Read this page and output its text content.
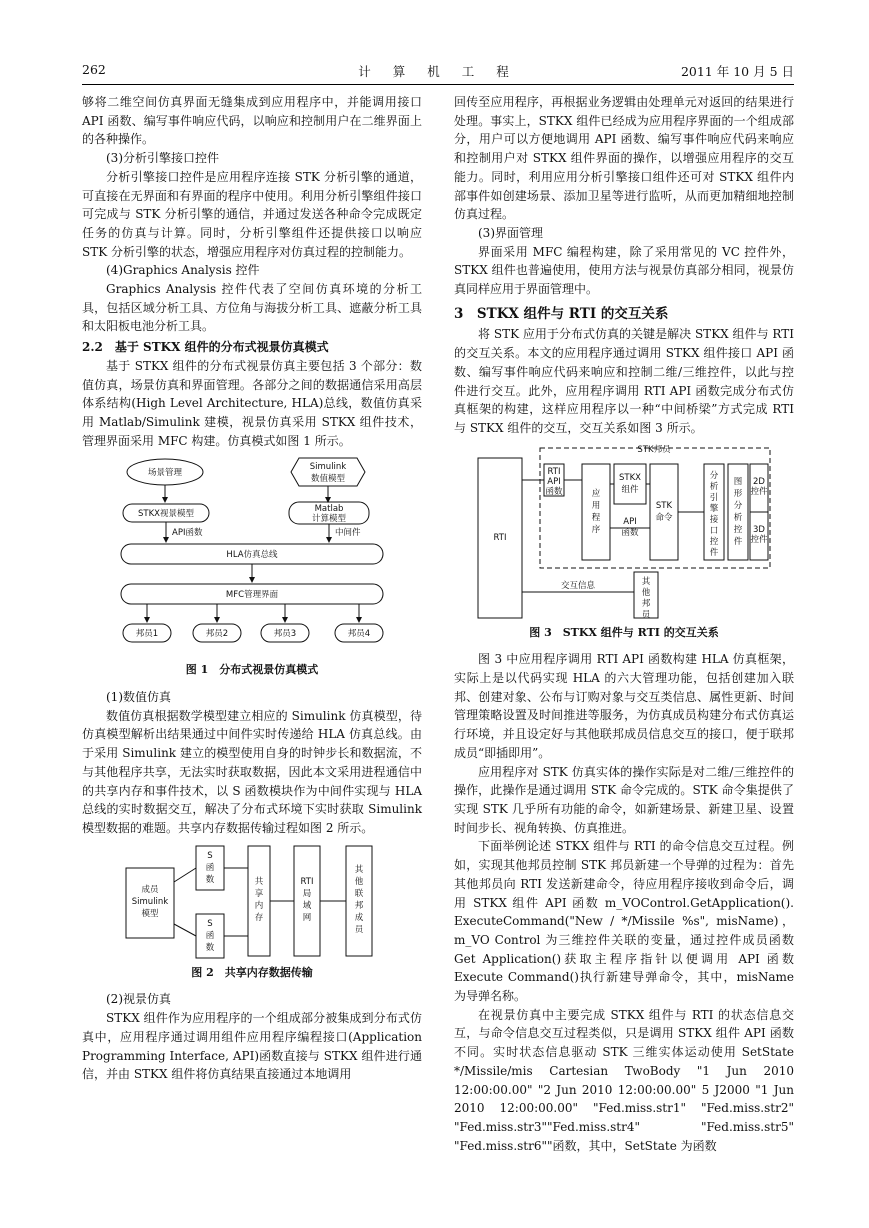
262	计 算 机 工 程	2011 年 10 月 5 日

够将二维空间仿真界面无缝集成到应用程序中，并能调用接口 API 函数、编写事件响应代码，以响应和控制用户在二维界面上的各种操作。

(3)分析引擎接口控件

分析引擎接口控件是应用程序连接 STK 分析引擎的通道，可直接在无界面和有界面的程序中使用。利用分析引擎组件接口可完成与 STK 分析引擎的通信，并通过发送各种命令完成既定任务的仿真与计算。同时，分析引擎组件还提供接口以响应 STK 分析引擎的状态，增强应用程序对仿真过程的控制能力。

(4)Graphics Analysis 控件

Graphics Analysis 控件代表了空间仿真环境的分析工具，包括区域分析工具、方位角与海拔分析工具、遮蔽分析工具和太阳板电池分析工具。

2.2　基于 STKX 组件的分布式视景仿真模式

基于 STKX 组件的分布式视景仿真主要包括 3 个部分：数值仿真，场景仿真和界面管理。各部分之间的数据通信采用高层体系结构(High Level Architecture, HLA)总线，数值仿真采用 Matlab/Simulink 建模，视景仿真采用 STKX 组件技术，管理界面采用 MFC 构建。仿真模式如图 1 所示。

场景管理
Simulink
数值模型
STKX视景模型	Matlab
计算模型
API函数	中间件
HLA仿真总线
MFC管理界面
邦员1	邦员2	邦员3	邦员4

图 1　分布式视景仿真模式

(1)数值仿真

数值仿真根据数学模型建立相应的 Simulink 仿真模型，待仿真模型解析出结果通过中间件实时传递给 HLA 仿真总线。由于采用 Simulink 建立的模型使用自身的时钟步长和数据流，不与其他程序共享，无法实时获取数据，因此本文采用进程通信中的共享内存和事件技术，以 S 函数模块作为中间件实现与 HLA 总线的实时数据交互，解决了分布式环境下实时获取 Simulink 模型数据的难题。共享内存数据传输过程如图 2 所示。

成员
Simulink
模型
S
函
数
S
函
数
共
享
内
存
RTI
局
域
网
其
他
联
邦
成
员

图 2　共享内存数据传输

(2)视景仿真

STKX 组件作为应用程序的一个组成部分被集成到分布式仿真中，应用程序通过调用组件应用程序编程接口(Application Programming Interface, API)函数直接与 STKX 组件进行通信，并由 STKX 组件将仿真结果直接通过本地调用

回传至应用程序，再根据业务逻辑由处理单元对返回的结果进行处理。事实上，STKX 组件已经成为应用程序界面的一个组成部分，用户可以方便地调用 API 函数、编写事件响应代码来响应和控制用户对 STKX 组件界面的操作，以增强应用程序的交互能力。同时，利用应用分析引擎接口组件还可对 STKX 组件内部事件如创建场景、添加卫星等进行监听，从而更加精细地控制仿真过程。

(3)界面管理

界面采用 MFC 编程构建，除了采用常见的 VC 控件外，STKX 组件也普遍使用，使用方法与视景仿真部分相同，视景仿真同样应用于界面管理中。

3　STKX 组件与 RTI 的交互关系

将 STK 应用于分布式仿真的关键是解决 STKX 组件与 RTI 的交互关系。本文的应用程序通过调用 STKX 组件接口 API 函数、编写事件响应代码来响应和控制二维/三维控件，以此与控件进行交互。此外，应用程序调用 RTI API 函数完成分布式仿真框架的构建，这样应用程序以一种“中间桥梁”方式完成 RTI 与 STKX 组件的交互，交互关系如图 3 所示。

STK邦员
RTI
RTI
API
函数	应
用
程
序
STKX
组件
API
函数
STK
命令
分
析
引
擎
接
口
控
件
图
形
分
析
控
件
2D
控件
3D
控件
交互信息	其
他
邦
员

图 3　STKX 组件与 RTI 的交互关系

图 3 中应用程序调用 RTI API 函数构建 HLA 仿真框架，实际上是以代码实现 HLA 的六大管理功能，包括创建加入联邦、创建对象、公布与订购对象与交互类信息、属性更新、时间管理策略设置及时间推进等服务，为仿真成员构建分布式仿真运行环境，并且设定好与其他联邦成员信息交互的接口，便于联邦成员“即插即用”。

应用程序对 STK 仿真实体的操作实际是对二维/三维控件的操作，此操作是通过调用 STK 命令完成的。STK 命令集提供了实现 STK 几乎所有功能的命令，如新建场景、新建卫星、设置时间步长、视角转换、仿真推进。

下面举例论述 STKX 组件与 RTI 的命令信息交互过程。例如，实现其他邦员控制 STK 邦员新建一个导弹的过程为：首先其他邦员向 RTI 发送新建命令，待应用程序接收到命令后，调用 STKX 组件 API 函数 m_VOControl.GetApplication(). ExecuteCommand("New / */Missile %s", misName)，m_VO Control 为三维控件关联的变量，通过控件成员函数 Get Application()获取主程序指针以便调用 API 函数 Execute Command()执行新建导弹命令，其中，misName 为导弹名称。

在视景仿真中主要完成 STKX 组件与 RTI 的状态信息交互，与命令信息交互过程类似，只是调用 STKX 组件 API 函数不同。实时状态信息驱动 STK 三维实体运动使用 SetState */Missile/mis Cartesian TwoBody "1 Jun 2010 12:00:00.00" "2 Jun 2010 12:00:00.00" 5 J2000 "1 Jun 2010 12:00:00.00" "Fed.miss.str1" "Fed.miss.str2" "Fed.miss.str3""Fed.miss.str4" "Fed.miss.str5" "Fed.miss.str6""函数，其中，SetState 为函数
